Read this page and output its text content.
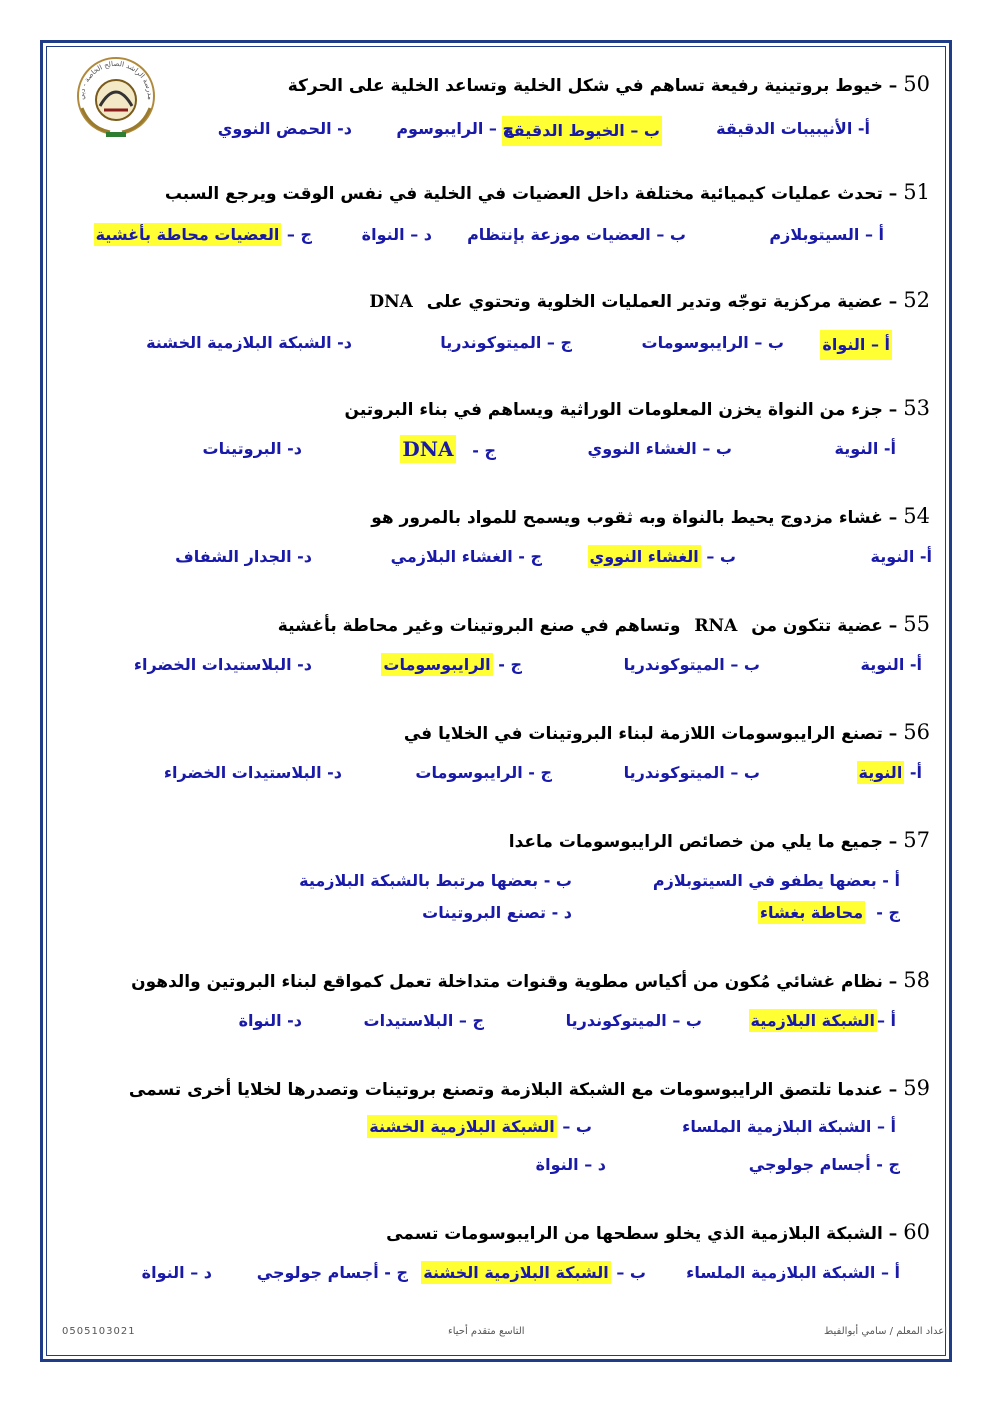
مدرسة الراشد الصالح الخاصة - دبي
50– خيوط بروتينية رفيعة تساهم في شكل الخلية وتساعد الخلية على الحركة
أ- الأنيبيبات الدقيقة
ب – الخيوط الدقيقة
ج – الرايبوسوم
د- الحمض النووي
51– تحدث عمليات كيميائية مختلفة داخل العضيات في الخلية في نفس الوقت ويرجع السبب
أ – السيتوبلازم
ب – العضيات موزعة بإنتظام
ج – العضيات محاطة بأغشية	د – النواة
52– عضية مركزية توجّه وتدير العمليات الخلوية وتحتوي على DNA
أ – النواة
ب – الرايبوسومات
ج – الميتوكوندريا
د- الشبكة البلازمية الخشنة
53– جزء من النواة يخزن المعلومات الوراثية ويساهم في بناء البروتين
أ- النوية
ب – الغشاء النووي
ج -   DNA
د- البروتينات
54– غشاء مزدوج يحيط بالنواة وبه ثقوب ويسمح للمواد بالمرور هو
أ- النوية
ب – الغشاء النووي
ج - الغشاء البلازمي
د- الجدار الشفاف
55– عضية تتكون من RNA وتساهم في صنع البروتينات وغير محاطة بأغشية
أ- النوية
ب – الميتوكوندريا
ج - الرايبوسومات
د- البلاستيدات الخضراء
56– تصنع الرايبوسومات اللازمة لبناء البروتينات في الخلايا في
أ- النوية
ب – الميتوكوندريا
ج - الرايبوسومات
د- البلاستيدات الخضراء
57– جميع ما يلي من خصائص الرايبوسومات ماعدا
أ - بعضها يطفو في السيتوبلازم
ب - بعضها مرتبط بالشبكة البلازمية
ج -  محاطة بغشاء
د - تصنع البروتينات
58– نظام غشائي مُكون من أكياس مطوية وقنوات متداخلة تعمل كمواقع لبناء البروتين والدهون
أ –الشبكة البلازمية
ب – الميتوكوندريا
ج – البلاستيدات
د- النواة
59– عندما تلتصق الرايبوسومات مع الشبكة البلازمة وتصنع بروتينات وتصدرها لخلايا أخرى تسمى
أ – الشبكة البلازمية الملساء
ب – الشبكة البلازمية الخشنة
ج - أجسام جولوجي
د – النواة
60– الشبكة البلازمية الذي يخلو سطحها من الرايبوسومات تسمى
أ – الشبكة البلازمية الملساء
ب – الشبكة البلازمية الخشنة
ج - أجسام جولوجي
د – النواة
اعداد المعلم / سامي أبوالفيط
التاسع متقدم أحياء
0505103021
